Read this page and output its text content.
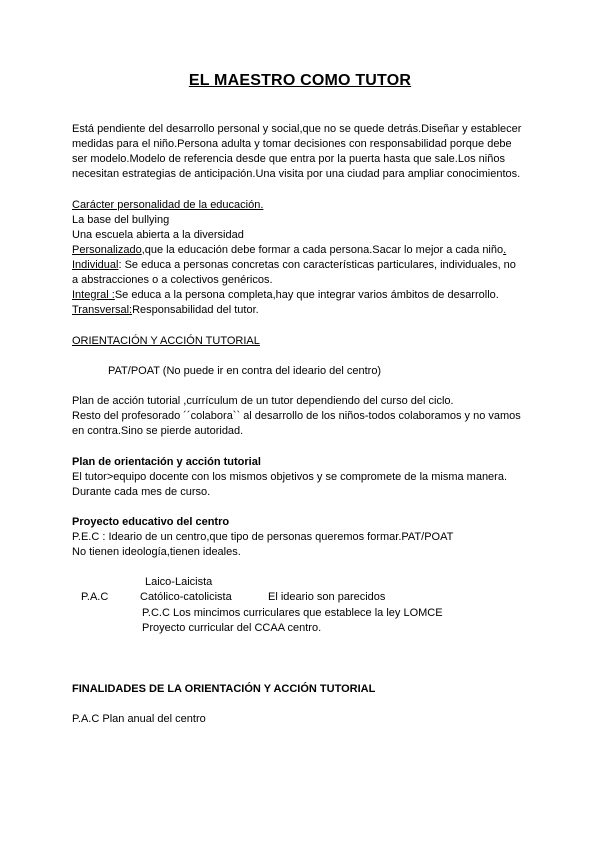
EL MAESTRO COMO TUTOR
Está pendiente del desarrollo personal y social,que no se quede detrás.Diseñar y establecer
medidas para el niño.Persona adulta y tomar decisiones con responsabilidad porque debe
ser modelo.Modelo de referencia desde que entra por la puerta hasta que sale.Los niños
necesitan estrategias de anticipación.Una visita por una ciudad para ampliar conocimientos.
Carácter personalidad de la educación.
La base del bullying
Una escuela abierta a la diversidad
Personalizado,que la educación debe formar a cada persona.Sacar lo mejor a cada niño.
Individual: Se educa a personas concretas con características particulares, individuales, no
a abstracciones o a colectivos genéricos.
Integral :Se educa a la persona completa,hay que integrar varios ámbitos de desarrollo.
Transversal:Responsabilidad del tutor.
ORIENTACIÓN Y ACCIÓN TUTORIAL
PAT/POAT (No puede ir en contra del ideario del centro)
Plan de acción tutorial ,currículum de un tutor dependiendo del curso del ciclo.
Resto del profesorado ´´colabora`` al desarrollo de los niños-todos colaboramos y no vamos
en contra.Sino se pierde autoridad.
Plan de orientación y acción tutorial
El tutor>equipo docente con los mismos objetivos y se compromete de la misma manera.
Durante cada mes de curso.
Proyecto educativo del centro
P.E.C : Ideario de un centro,que tipo de personas queremos formar.PAT/POAT
No tienen ideología,tienen ideales.
Laico-Laicista
P.A.C	Católico-catolicista	El ideario son parecidos
P.C.C Los mincimos curriculares que establece la ley LOMCE
Proyecto curricular del CCAA centro.
FINALIDADES DE LA ORIENTACIÓN Y ACCIÓN TUTORIAL
P.A.C Plan anual del centro
